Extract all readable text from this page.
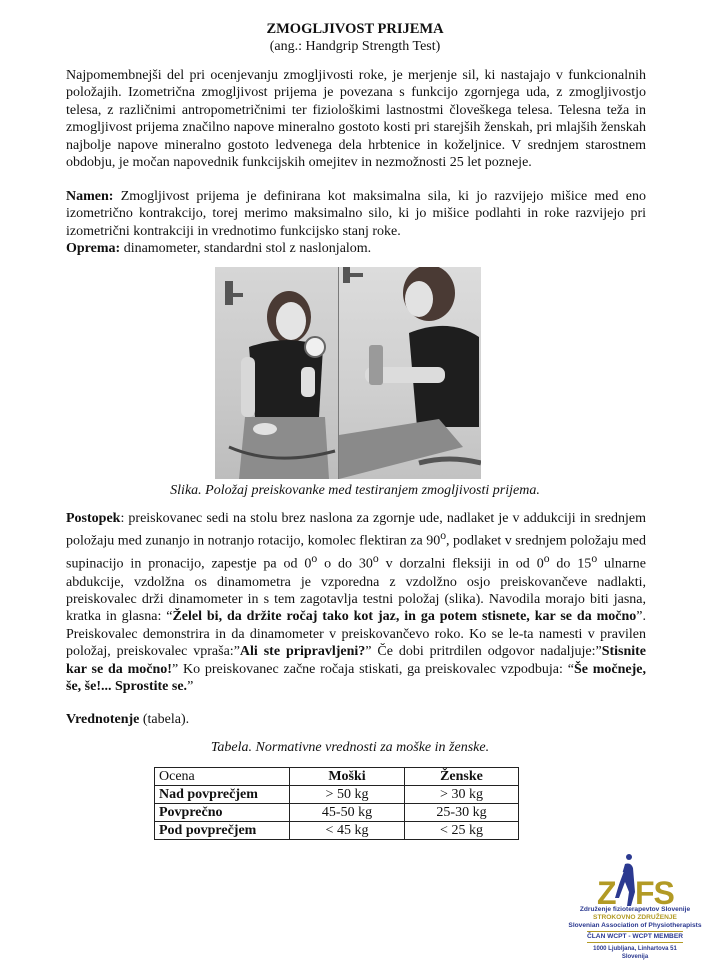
ZMOGLJIVOST PRIJEMA
(ang.: Handgrip Strength Test)
Najpomembnejši del pri ocenjevanju zmogljivosti roke, je merjenje sil, ki nastajajo v funkcionalnih položajih. Izometrična zmogljivost prijema je povezana s funkcijo zgornjega uda, z zmogljivostjo telesa, z različnimi antropometričnimi ter fiziološkimi lastnostmi človeškega telesa. Telesna teža in zmogljivost prijema značilno napove mineralno gostoto kosti pri starejših ženskah, pri mlajših ženskah najbolje napove mineralno gostoto ledvenega dela hrbtenice in koželjnice. V srednjem starostnem obdobju, je močan napovednik funkcijskih omejitev in nezmožnosti 25 let pozneje.
Namen: Zmogljivost prijema je definirana kot maksimalna sila, ki jo razvijejo mišice med eno izometrično kontrakcijo, torej merimo maksimalno silo, ki jo mišice podlahti in roke razvijejo pri izometrični kontrakciji in vrednotimo funkcijsko stanj roke.
Oprema: dinamometer, standardni stol z naslonjalom.
Slika. Položaj preiskovanke med testiranjem zmogljivosti prijema.
Postopek: preiskovanec sedi na stolu brez naslona za zgornje ude, nadlaket je v addukciji in srednjem položaju med zunanjo in notranjo rotacijo, komolec flektiran za 90$^o$, podlaket v srednjem položaju med supinacijo in pronacijo, zapestje pa od 0$^o$ o do 30$^o$ v dorzalni fleksiji in od 0$^o$ do 15$^o$ ulnarne abdukcije, vzdolžna os dinamometra je vzporedna z vzdolžno osjo preiskovančeve nadlakti, preiskovalec drži dinamometer in s tem zagotavlja testni položaj (slika). Navodila morajo biti jasna, kratka in glasna: “Želel bi, da držite ročaj tako kot jaz, in ga potem stisnete, kar se da močno”. Preiskovalec demonstrira in da dinamometer v preiskovančevo roko. Ko se le-ta namesti v pravilen položaj, preiskovalec vpraša:”Ali ste pripravljeni?” Če dobi pritrdilen odgovor nadaljuje:”Stisnite kar se da močno!” Ko preiskovanec začne ročaja stiskati, ga preiskovalec vzpodbuja: “Še močneje, še, še!... Sprostite se.”
Vrednotenje (tabela).
Tabela. Normativne vrednosti za moške in ženske.
Ocena	Moški	Ženske
Nad povprečjem	> 50 kg	> 30 kg
Povprečno	45-50 kg	25-30 kg
Pod povprečjem	< 45 kg	< 25 kg
Z FS
Združenje fizioterapevtov Slovenije
STROKOVNO ZDRUŽENJE
Slovenian Association of Physiotherapists
ČLAN WCPT - WCPT MEMBER
1000 Ljubljana, Linhartova 51
Slovenija
